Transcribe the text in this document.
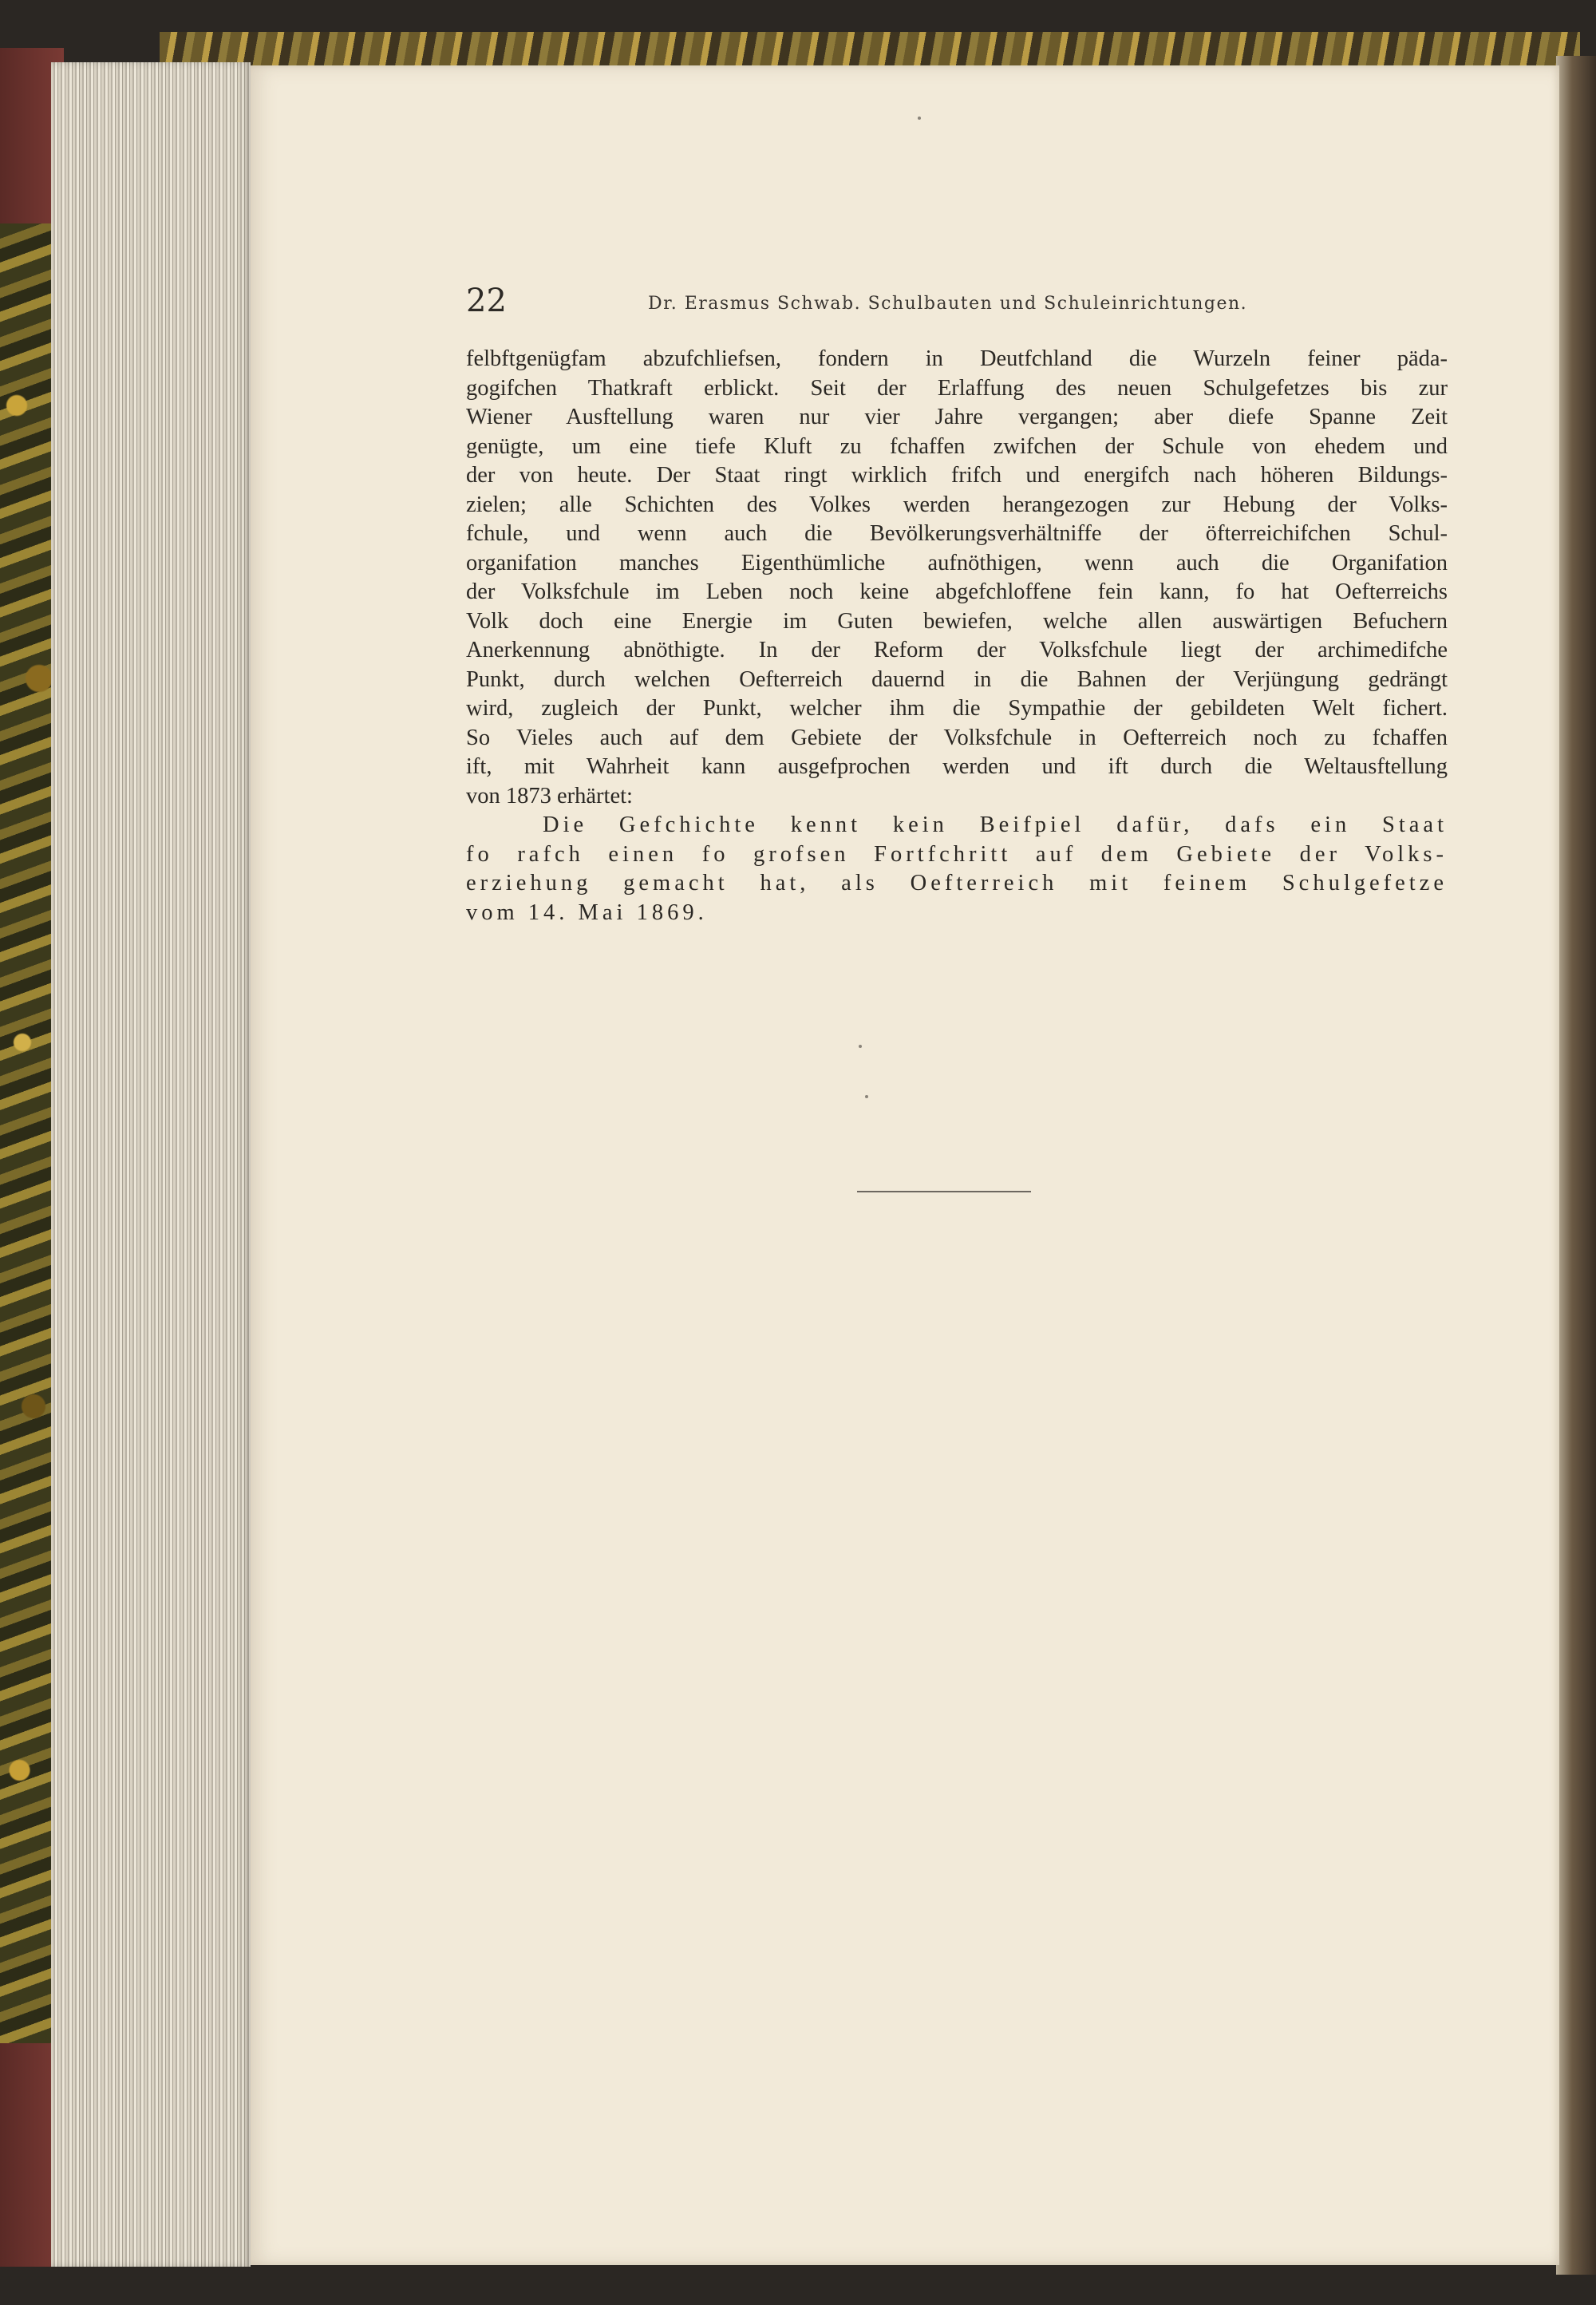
22	Dr. Erasmus Schwab. Schulbauten und Schuleinrichtungen.
felbftgenügfam abzufchliefsen, fondern in Deutfchland die Wurzeln feiner päda-
gogifchen Thatkraft erblickt. Seit der Erlaffung des neuen Schulgefetzes bis zur
Wiener Ausftellung waren nur vier Jahre vergangen; aber diefe Spanne Zeit
genügte, um eine tiefe Kluft zu fchaffen zwifchen der Schule von ehedem und
der von heute. Der Staat ringt wirklich frifch und energifch nach höheren Bildungs-
zielen; alle Schichten des Volkes werden herangezogen zur Hebung der Volks-
fchule, und wenn auch die Bevölkerungsverhältniffe der öfterreichifchen Schul-
organifation manches Eigenthümliche aufnöthigen, wenn auch die Organifation
der Volksfchule im Leben noch keine abgefchloffene fein kann, fo hat Oefterreichs
Volk doch eine Energie im Guten bewiefen, welche allen auswärtigen Befuchern
Anerkennung abnöthigte. In der Reform der Volksfchule liegt der archimedifche
Punkt, durch welchen Oefterreich dauernd in die Bahnen der Verjüngung gedrängt
wird, zugleich der Punkt, welcher ihm die Sympathie der gebildeten Welt fichert.
So Vieles auch auf dem Gebiete der Volksfchule in Oefterreich noch zu fchaffen
ift, mit Wahrheit kann ausgefprochen werden und ift durch die Weltausftellung
von 1873 erhärtet:
Die Gefchichte kennt kein Beifpiel dafür, dafs ein Staat
fo rafch einen fo grofsen Fortfchritt auf dem Gebiete der Volks-
erziehung gemacht hat, als Oefterreich mit feinem Schulgefetze
vom 14. Mai 1869.
